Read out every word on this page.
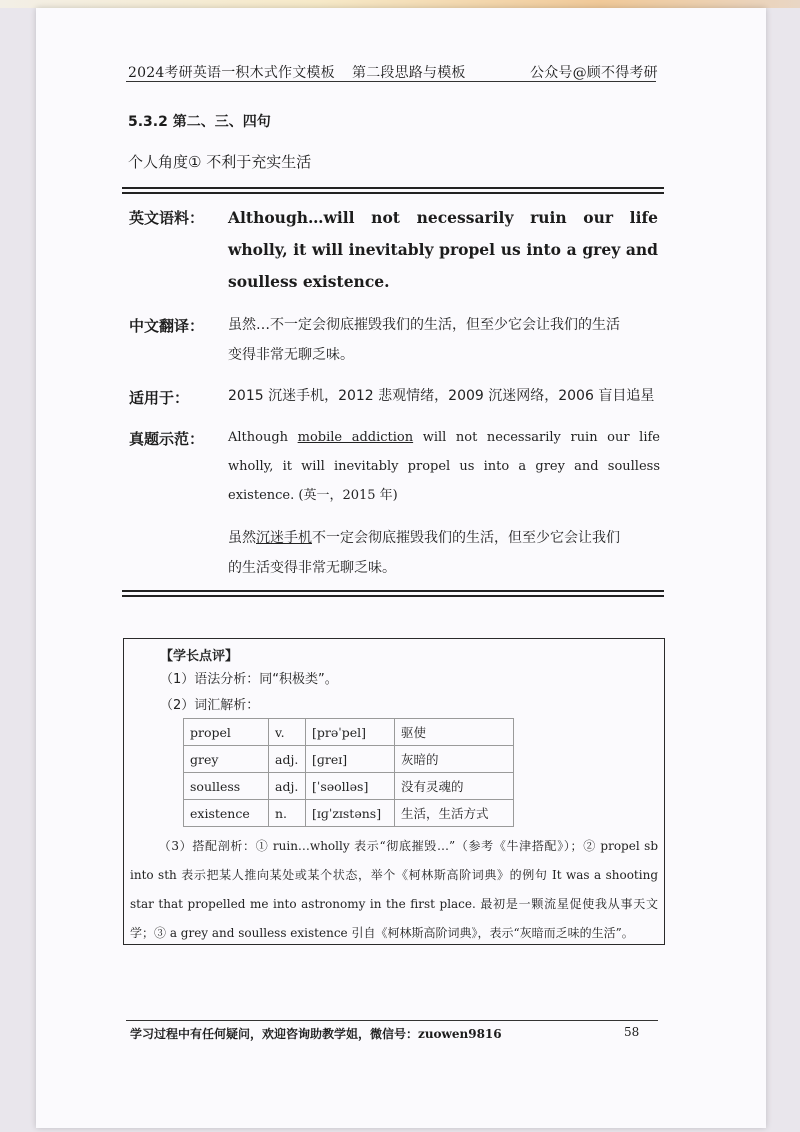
2024考研英语一积木式作文模板 第二段思路与模板	公众号@顾不得考研
5.3.2 第二、三、四句
个人角度① 不利于充实生活
英文语料： Although…will not necessarily ruin our life wholly, it will inevitably propel us into a grey and soulless existence.
中文翻译： 虽然…不一定会彻底摧毁我们的生活，但至少它会让我们的生活
变得非常无聊乏味。
适用于：	2015 沉迷手机，2012 悲观情绪，2009 沉迷网络，2006 盲目追星
真题示范： Although mobile addiction will not necessarily ruin our life wholly, it will inevitably propel us into a grey and soulless existence. (英一，2015 年)
虽然沉迷手机不一定会彻底摧毁我们的生活，但至少它会让我们
的生活变得非常无聊乏味。
【学长点评】
（1）语法分析：同“积极类”。
（2）词汇解析：
propel	v.	[prəˈpel]	驱使
grey	adj.	[ɡreɪ]	灰暗的
soulless	adj.	[ˈsəolləs]	没有灵魂的
existence	n.	[ɪɡˈzɪstəns]	生活，生活方式
（3）搭配剖析：① ruin…wholly 表示“彻底摧毁…”（参考《牛津搭配》）；② propel sb into sth 表示把某人推向某处或某个状态，举个《柯林斯高阶词典》的例句 It was a shooting star that propelled me into astronomy in the first place. 最初是一颗流星促使我从事天文学；③ a grey and soulless existence 引自《柯林斯高阶词典》，表示“灰暗而乏味的生活”。
学习过程中有任何疑问，欢迎咨询助教学姐，微信号：zuowen9816	58
